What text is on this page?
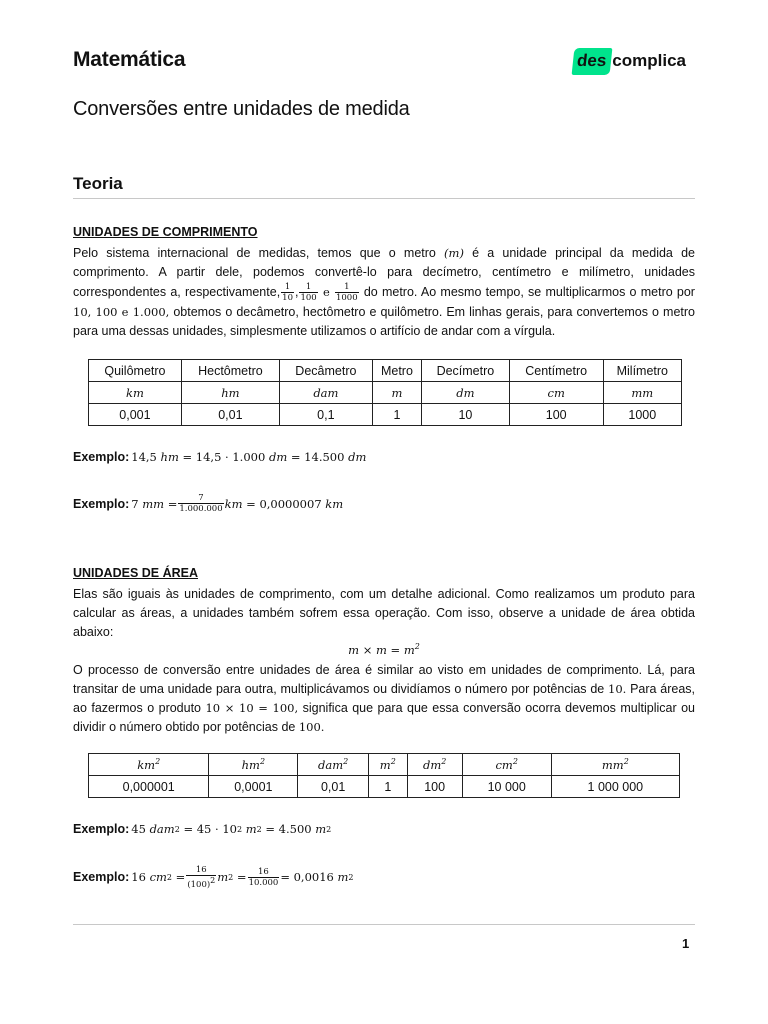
Matemática	des complica
Conversões entre unidades de medida
Teoria
UNIDADES DE COMPRIMENTO
Pelo sistema internacional de medidas, temos que o metro (m) é a unidade principal da medida de comprimento. A partir dele, podemos convertê-lo para decímetro, centímetro e milímetro, unidades correspondentes a, respectivamente, $\frac{1}{10}$ , $\frac{1}{100}$ e $\frac{1}{1000}$ do metro. Ao mesmo tempo, se multiplicarmos o metro por 10, 100 e 1.000, obtemos o decâmetro, hectômetro e quilômetro. Em linhas gerais, para convertemos o metro para uma dessas unidades, simplesmente utilizamos o artifício de andar com a vírgula.
Quilômetro	Hectômetro	Decâmetro	Metro	Decímetro	Centímetro	Milímetro
km	hm	dam	m	dm	cm	mm
0,001	0,01	0,1	1	10	100	1000
Exemplo: 14,5
hm
= 14,5 · 1.000
dm
= 14.500
dm
Exemplo: 7
mm
= $\frac{7}{1.000.000}$ km
= 0,0000007
km
UNIDADES DE ÁREA
Elas são iguais às unidades de comprimento, com um detalhe adicional. Como realizamos um produto para calcular as áreas, a unidades também sofrem essa operação. Com isso, observe a unidade de área obtida abaixo:
$m \times m = m^2$
O processo de conversão entre unidades de área é similar ao visto em unidades de comprimento. Lá, para transitar de uma unidade para outra, multiplicávamos ou dividíamos o número por potências de 10. Para áreas, ao fazermos o produto 10 × 10 = 100, significa que para que essa conversão ocorra devemos multiplicar ou dividir o número obtido por potências de 100.
$km^2$	$hm^2$	dam$^2$	$m^2$	$dm^2$	$cm^2$	$mm^2$
0,000001	0,0001	0,01	1	100	10 000	1 000 000
Exemplo: 45
dam 2
= 45 · 10 2
m 2
= 4.500
m 2
Exemplo: 16
cm 2
= $\frac{16}{(100)^2}$ m 2
= $\frac{16}{10.000} = 0,0016$
m 2
1
